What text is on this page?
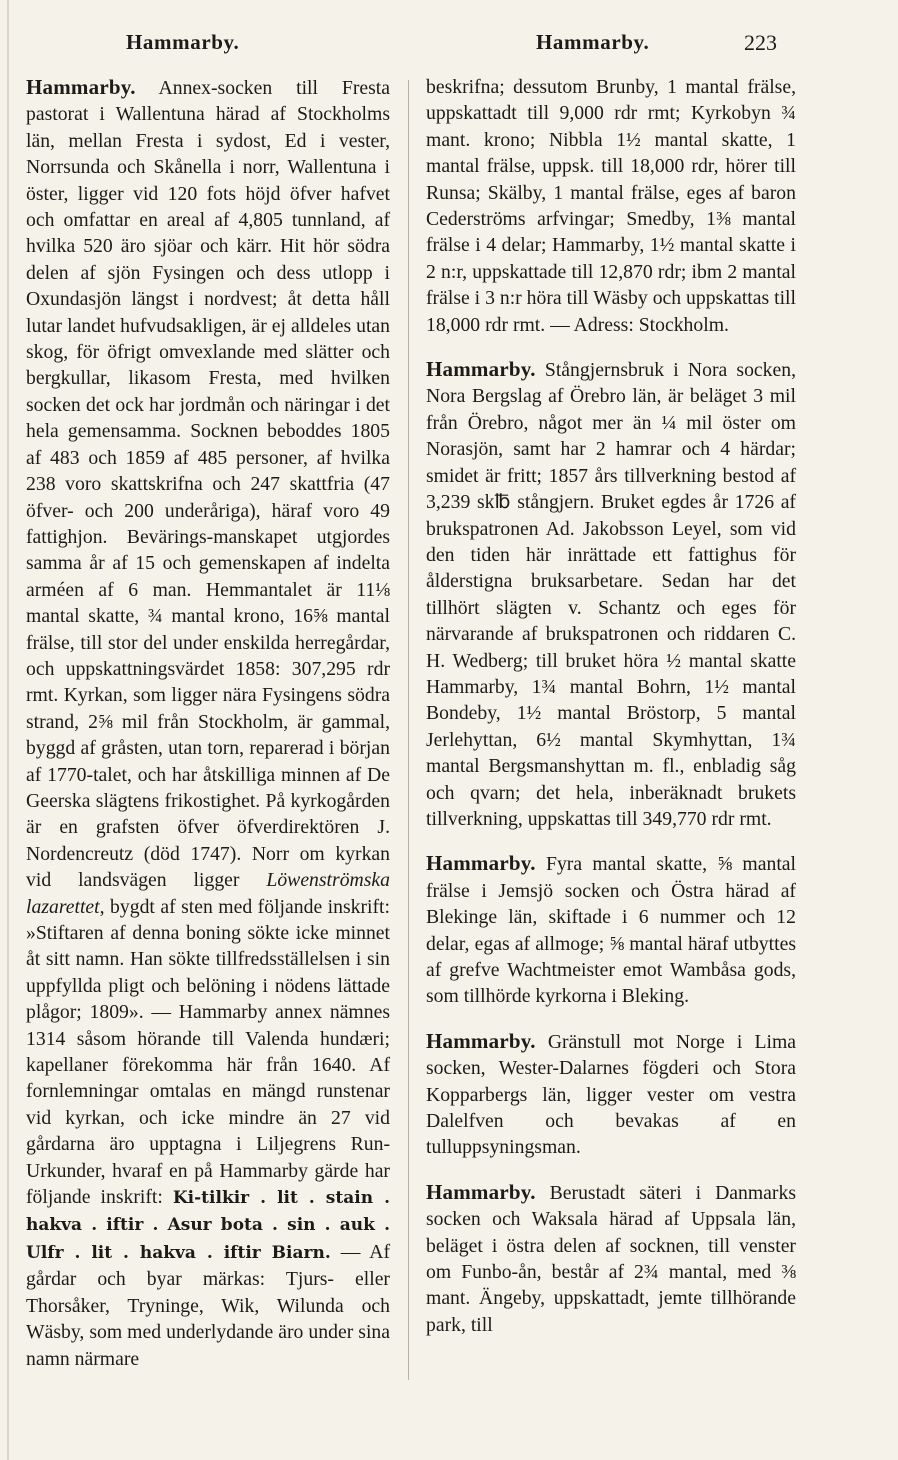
Hammarby.	Hammarby.	223

Hammarby. Annex-socken till Fresta pastorat i Wallentuna härad af Stockholms län, mellan Fresta i sydost, Ed i vester, Norrsunda och Skånella i norr, Wallentuna i öster, ligger vid 120 fots höjd öfver hafvet och omfattar en areal af 4,805 tunnland, af hvilka 520 äro sjöar och kärr. Hit hör södra delen af sjön Fysingen och dess utlopp i Oxundasjön längst i nordvest; åt detta håll lutar landet hufvudsakligen, är ej alldeles utan skog, för öfrigt omvexlande med slätter och bergkullar, likasom Fresta, med hvilken socken det ock har jordmån och näringar i det hela gemensamma. Socknen beboddes 1805 af 483 och 1859 af 485 personer, af hvilka 238 voro skattskrifna och 247 skattfria (47 öfver- och 200 underåriga), häraf voro 49 fattighjon. Bevärings-manskapet utgjordes samma år af 15 och gemenskapen af indelta arméen af 6 man. Hemmantalet är 11⅛ mantal skatte, ¾ mantal krono, 16⅝ mantal frälse, till stor del under enskilda herregårdar, och uppskattningsvärdet 1858: 307,295 rdr rmt. Kyrkan, som ligger nära Fysingens södra strand, 2⅝ mil från Stockholm, är gammal, byggd af gråsten, utan torn, reparerad i början af 1770-talet, och har åtskilliga minnen af De Geerska slägtens frikostighet. På kyrkogården är en grafsten öfver öfverdirektören J. Nordencreutz (död 1747). Norr om kyrkan vid landsvägen ligger Löwenströmska lazarettet, bygdt af sten med följande inskrift: »Stiftaren af denna boning sökte icke minnet åt sitt namn. Han sökte tillfredsställelsen i sin uppfyllda pligt och belöning i nödens lättade plågor; 1809». — Hammarby annex nämnes 1314 såsom hörande till Valenda hundæri; kapellaner förekomma här från 1640. Af fornlemningar omtalas en mängd runstenar vid kyrkan, och icke mindre än 27 vid gårdarna äro upptagna i Liljegrens Run-Urkunder, hvaraf en på Hammarby gärde har följande inskrift: Ki-tilkir . lit . stain . hakva . iftir . Asur bota . sin . auk . Ulfr . lit . hakva . iftir Biarn. — Af gårdar och byar märkas: Tjurs- eller Thorsåker, Tryninge, Wik, Wilunda och Wäsby, som med underlydande äro under sina namn närmare

beskrifna; dessutom Brunby, 1 mantal frälse, uppskattadt till 9,000 rdr rmt; Kyrkobyn ¾ mant. krono; Nibbla 1½ mantal skatte, 1 mantal frälse, uppsk. till 18,000 rdr, hörer till Runsa; Skälby, 1 mantal frälse, eges af baron Cederströms arfvingar; Smedby, 1⅜ mantal frälse i 4 delar; Hammarby, 1½ mantal skatte i 2 n:r, uppskattade till 12,870 rdr; ibm 2 mantal frälse i 3 n:r höra till Wäsby och uppskattas till 18,000 rdr rmt. — Adress: Stockholm.

Hammarby. Stångjernsbruk i Nora socken, Nora Bergslag af Örebro län, är beläget 3 mil från Örebro, något mer än ¼ mil öster om Norasjön, samt har 2 hamrar och 4 härdar; smidet är fritt; 1857 års tillverkning bestod af 3,239 sk℔ stångjern. Bruket egdes år 1726 af brukspatronen Ad. Jakobsson Leyel, som vid den tiden här inrättade ett fattighus för ålderstigna bruksarbetare. Sedan har det tillhört slägten v. Schantz och eges för närvarande af brukspatronen och riddaren C. H. Wedberg; till bruket höra ½ mantal skatte Hammarby, 1¾ mantal Bohrn, 1½ mantal Bondeby, 1½ mantal Bröstorp, 5 mantal Jerlehyttan, 6½ mantal Skymhyttan, 1¾ mantal Bergsmanshyttan m. fl., enbladig såg och qvarn; det hela, inberäknadt brukets tillverkning, uppskattas till 349,770 rdr rmt.

Hammarby. Fyra mantal skatte, ⅝ mantal frälse i Jemsjö socken och Östra härad af Blekinge län, skiftade i 6 nummer och 12 delar, egas af allmoge; ⅝ mantal häraf utbyttes af grefve Wachtmeister emot Wambåsa gods, som tillhörde kyrkorna i Bleking.

Hammarby. Gränstull mot Norge i Lima socken, Wester-Dalarnes fögderi och Stora Kopparbergs län, ligger vester om vestra Dalelfven och bevakas af en tulluppsyningsman.

Hammarby. Berustadt säteri i Danmarks socken och Waksala härad af Uppsala län, beläget i östra delen af socknen, till venster om Funbo-ån, består af 2¾ mantal, med ⅜ mant. Ängeby, uppskattadt, jemte tillhörande park, till
